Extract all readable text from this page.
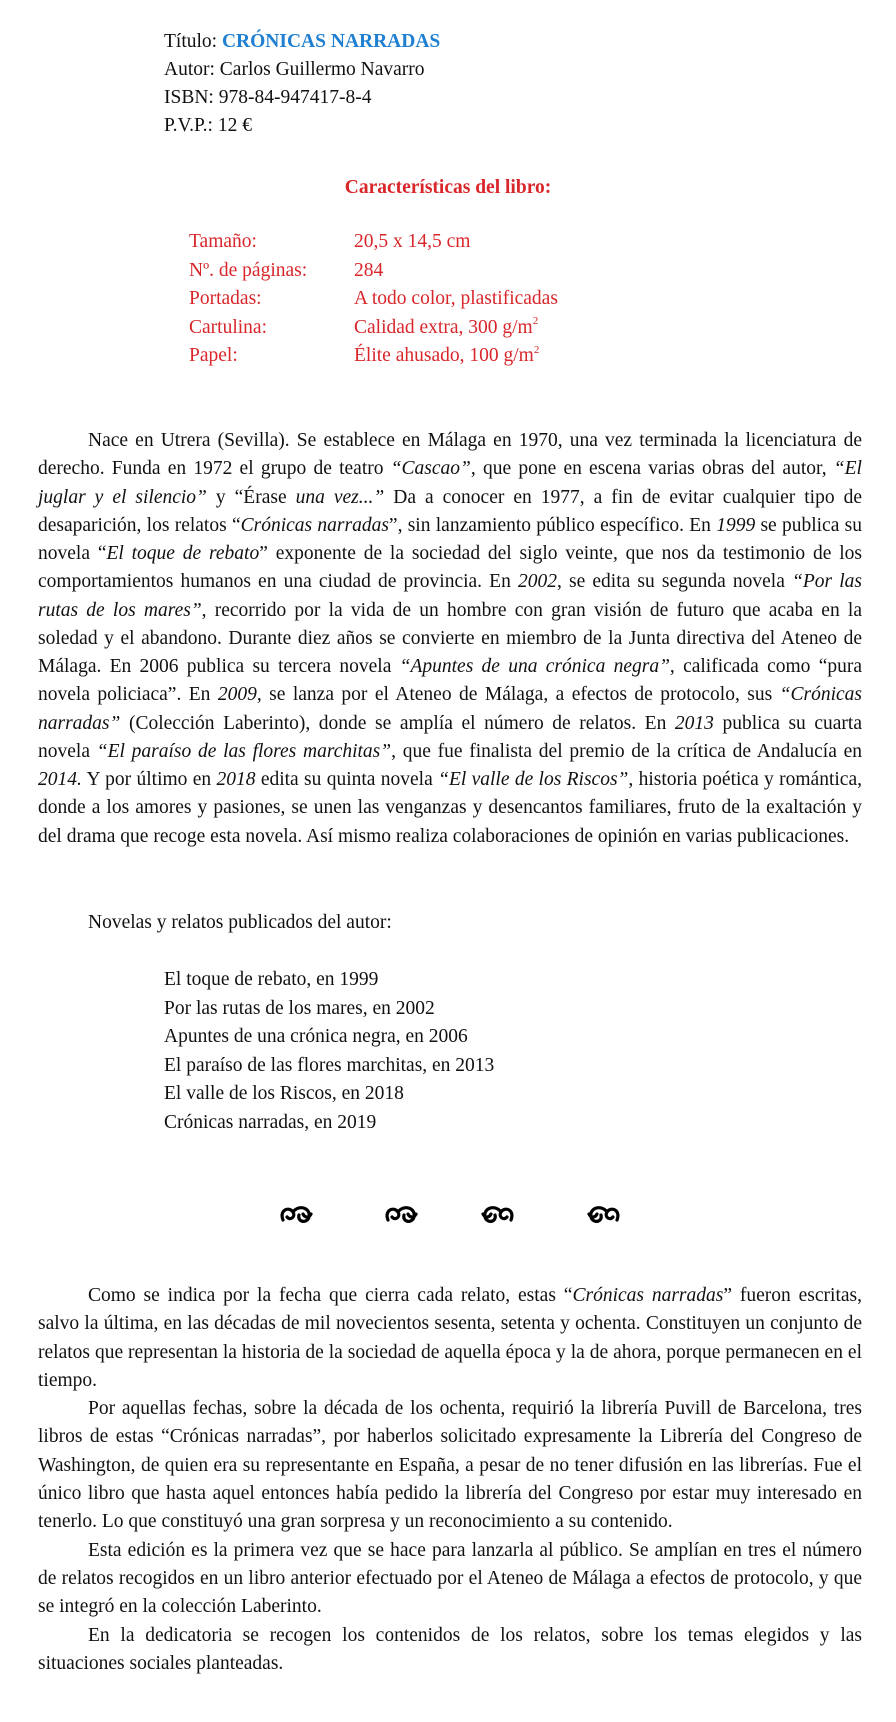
Título: CRÓNICAS NARRADAS
Autor: Carlos Guillermo Navarro
ISBN: 978-84-947417-8-4
P.V.P.: 12 €
Características del libro:
Tamaño:	20,5 x 14,5 cm
Nº. de páginas:	284
Portadas:	A todo color, plastificadas
Cartulina:	Calidad extra, 300 $g/m^2$
Papel:	Élite ahusado, 100 $g/m^2$

Nace en Utrera (Sevilla). Se establece en Málaga en 1970, una vez terminada la licenciatura de derecho. Funda en 1972 el grupo de teatro “Cascao”, que pone en escena varias obras del autor, “El juglar y el silencio” y “Érase una vez...” Da a conocer en 1977, a fin de evitar cualquier tipo de desaparición, los relatos “Crónicas narradas”, sin lanzamiento público específico. En 1999 se publica su novela “El toque de rebato” exponente de la sociedad del siglo veinte, que nos da testimonio de los comportamientos humanos en una ciudad de provincia. En 2002, se edita su segunda novela “Por las rutas de los mares”, recorrido por la vida de un hombre con gran visión de futuro que acaba en la soledad y el abandono. Durante diez años se convierte en miembro de la Junta directiva del Ateneo de Málaga. En 2006 publica su tercera novela “Apuntes de una crónica negra”, calificada como “pura novela policiaca”. En 2009, se lanza por el Ateneo de Málaga, a efectos de protocolo, sus “Crónicas narradas” (Colección Laberinto), donde se amplía el número de relatos. En 2013 publica su cuarta novela “El paraíso de las flores marchitas”, que fue finalista del premio de la crítica de Andalucía en 2014. Y por último en 2018 edita su quinta novela “El valle de los Riscos”, historia poética y romántica, donde a los amores y pasiones, se unen las venganzas y desencantos familiares, fruto de la exaltación y del drama que recoge esta novela. Así mismo realiza colaboraciones de opinión en varias publicaciones.

Novelas y relatos publicados del autor:
El toque de rebato, en 1999
Por las rutas de los mares, en 2002
Apuntes de una crónica negra, en 2006
El paraíso de las flores marchitas, en 2013
El valle de los Riscos, en 2018
Crónicas narradas, en 2019

Como se indica por la fecha que cierra cada relato, estas “Crónicas narradas” fueron escritas, salvo la última, en las décadas de mil novecientos sesenta, setenta y ochenta. Constituyen un conjunto de relatos que representan la historia de la sociedad de aquella época y la de ahora, porque permanecen en el tiempo.

Por aquellas fechas, sobre la década de los ochenta, requirió la librería Puvill de Barcelona, tres libros de estas “Crónicas narradas”, por haberlos solicitado expresamente la Librería del Congreso de Washington, de quien era su representante en España, a pesar de no tener difusión en las librerías. Fue el único libro que hasta aquel entonces había pedido la librería del Congreso por estar muy interesado en tenerlo. Lo que constituyó una gran sorpresa y un reconocimiento a su contenido.

Esta edición es la primera vez que se hace para lanzarla al público. Se amplían en tres el número de relatos recogidos en un libro anterior efectuado por el Ateneo de Málaga a efectos de protocolo, y que se integró en la colección Laberinto.

En la dedicatoria se recogen los contenidos de los relatos, sobre los temas elegidos y las situaciones sociales planteadas.
